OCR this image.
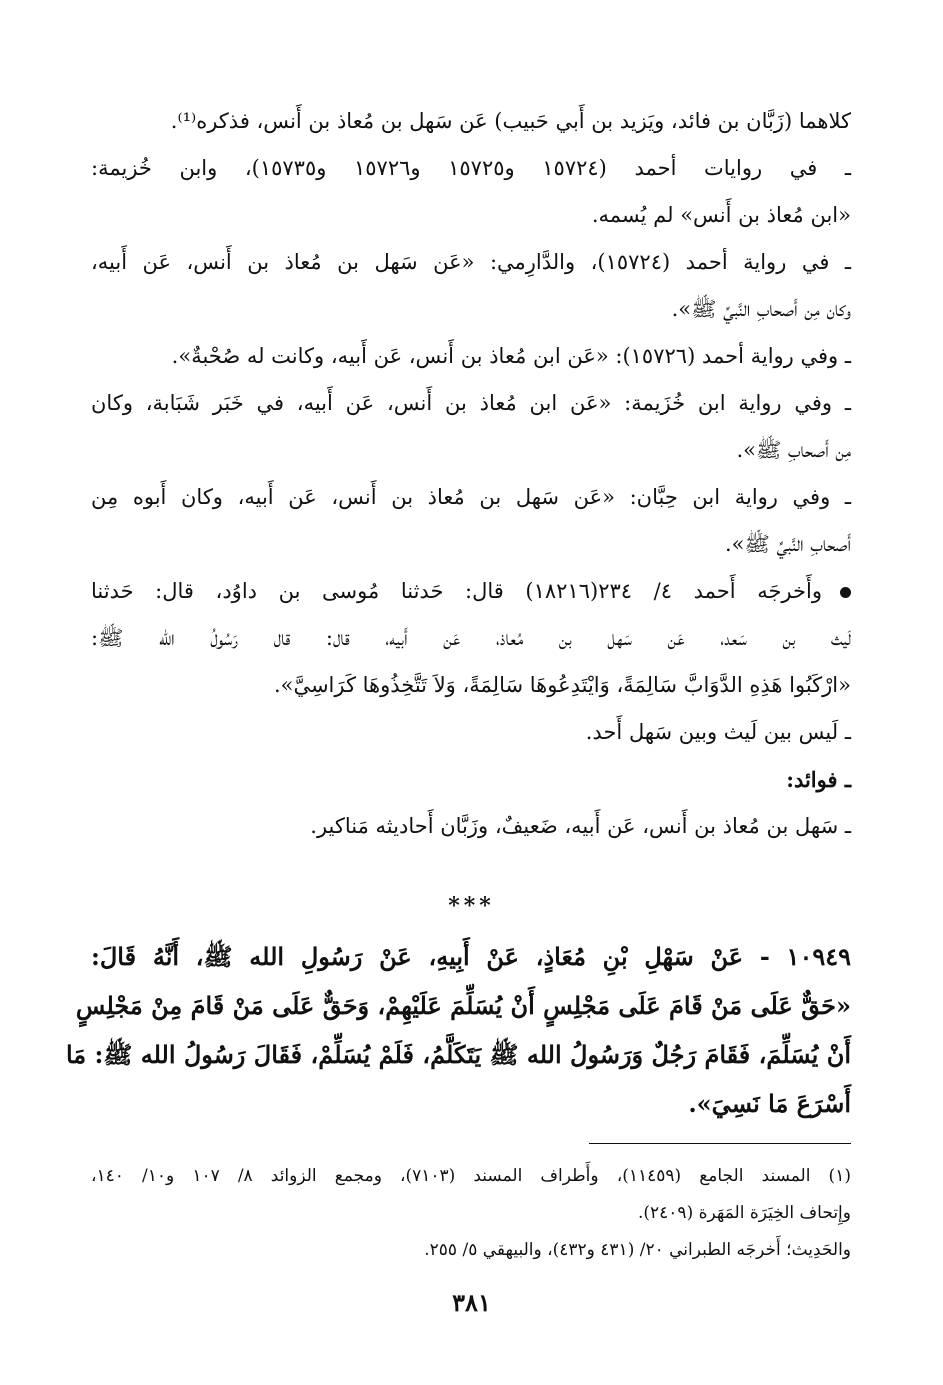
كلاهما (زَبَّان بن فائد، ويَزيد بن أَبي حَبيب) عَن سَهل بن مُعاذ بن أَنس، فذكره⁽¹⁾.

ـ في روايات أحمد (١٥٧٢٤ و١٥٧٢٥ و١٥٧٢٦ و١٥٧٣٥)، وابن خُزيمة:

«ابن مُعاذ بن أَنس» لم يُسمه.

ـ في رواية أحمد (١٥٧٢٤)، والدَّارِمي: «عَن سَهل بن مُعاذ بن أَنس، عَن أَبيه،

وكان مِن أَصحابِ النَّبيِّ ﷺ».

ـ وفي رواية أحمد (١٥٧٢٦): «عَن ابن مُعاذ بن أَنس، عَن أَبيه، وكانت له صُحْبةٌ».

ـ وفي رواية ابن خُزَيمة: «عَن ابن مُعاذ بن أَنس، عَن أَبيه، في خَبَر شَبَابة، وكان

مِن أَصحابِ ﷺ».

ـ وفي رواية ابن حِبَّان: «عَن سَهل بن مُعاذ بن أَنس، عَن أَبيه، وكان أَبوه مِن

أَصحابِ النَّبيِّ ﷺ».

وأَخرجَه أَحمد ٤/ ٢٣٤(١٨٢١٦) قال: حَدثنا مُوسى بن داوُد، قال: حَدثنا

لَيث بن سَعد، عَن سَهل بن مُعاذ، عَن أَبيه، قال: قال رَسُولُ الله ﷺ:

«ارْكَبُوا هَذِهِ الدَّوَابَّ سَالِمَةً، وَايْتَدِعُوهَا سَالِمَةً، وَلاَ تَتَّخِذُوهَا كَرَاسِيَّ».

ـ لَيس بين لَيث وبين سَهل أَحد.

ـ فوائد:

ـ سَهل بن مُعاذ بن أَنس، عَن أَبيه، ضَعيفٌ، وزَبَّان أَحاديثه مَناكير.

***

١٠٩٤٩ - عَنْ سَهْلِ بْنِ مُعَاذٍ، عَنْ أَبِيهِ، عَنْ رَسُولِ الله ﷺ، أَنَّهُ قَالَ:

«حَقٌّ عَلَى مَنْ قَامَ عَلَى مَجْلِسٍ أَنْ يُسَلِّمَ عَلَيْهِمْ، وَحَقٌّ عَلَى مَنْ قَامَ مِنْ مَجْلِسٍ

أَنْ يُسَلِّمَ، فَقَامَ رَجُلٌ وَرَسُولُ الله ﷺ يَتَكَلَّمُ، فَلَمْ يُسَلِّمْ، فَقَالَ رَسُولُ الله ﷺ: مَا

أَسْرَعَ مَا نَسِيَ».

(١) المسند الجامع (١١٤٥٩)، وأَطراف المسند (٧١٠٣)، ومجمع الزوائد ٨/ ١٠٧ و١٠/ ١٤٠،

وإِتحاف الخِيَرَة المَهَرة (٢٤٠٩).

والحَدِيث؛ أَخرجَه الطبراني ٢٠/ (٤٣١ و٤٣٢)، والبيهقي ٥/ ٢٥٥.

٣٨١
